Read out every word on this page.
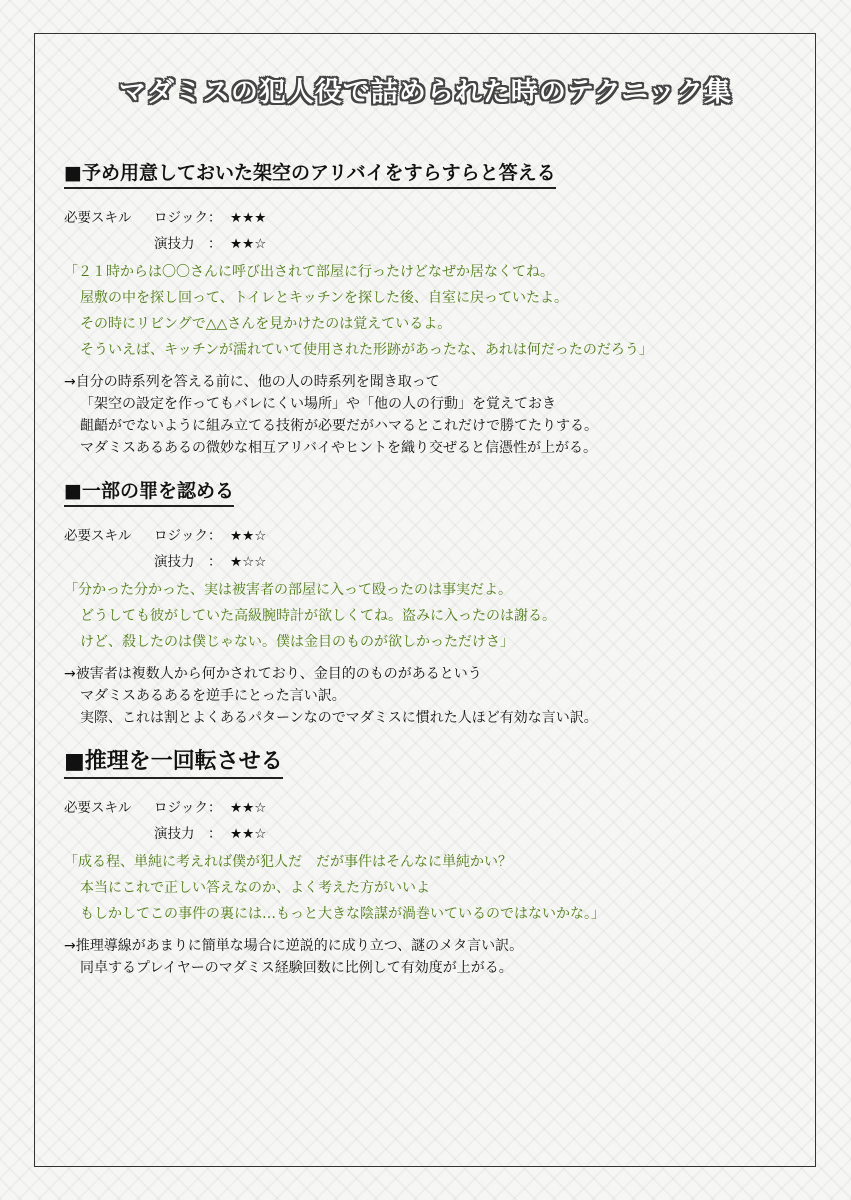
マダミスの犯人役で詰められた時のテクニック集
■予め用意しておいた架空のアリバイをすらすらと答える
必要スキル	ロジック： ★★★
演技力　： ★★☆
「２１時からは〇〇さんに呼び出されて部屋に行ったけどなぜか居なくてね。
屋敷の中を探し回って、トイレとキッチンを探した後、自室に戻っていたよ。
その時にリビングで△△さんを見かけたのは覚えているよ。
そういえば、キッチンが濡れていて使用された形跡があったな、あれは何だったのだろう」
→自分の時系列を答える前に、他の人の時系列を聞き取って
「架空の設定を作ってもバレにくい場所」や「他の人の行動」を覚えておき
齟齬がでないように組み立てる技術が必要だがハマるとこれだけで勝てたりする。
マダミスあるあるの微妙な相互アリバイやヒントを織り交ぜると信憑性が上がる。
■一部の罪を認める
必要スキル	ロジック： ★★☆
演技力　： ★☆☆
「分かった分かった、実は被害者の部屋に入って殴ったのは事実だよ。
どうしても彼がしていた高級腕時計が欲しくてね。盗みに入ったのは謝る。
けど、殺したのは僕じゃない。僕は金目のものが欲しかっただけさ」
→被害者は複数人から何かされており、金目的のものがあるという
マダミスあるあるを逆手にとった言い訳。
実際、これは割とよくあるパターンなのでマダミスに慣れた人ほど有効な言い訳。
■推理を一回転させる
必要スキル	ロジック： ★★☆
演技力　： ★★☆
「成る程、単純に考えれば僕が犯人だ　だが事件はそんなに単純かい？
本当にこれで正しい答えなのか、よく考えた方がいいよ
もしかしてこの事件の裏には…もっと大きな陰謀が渦巻いているのではないかな。」
→推理導線があまりに簡単な場合に逆説的に成り立つ、謎のメタ言い訳。
同卓するプレイヤーのマダミス経験回数に比例して有効度が上がる。
